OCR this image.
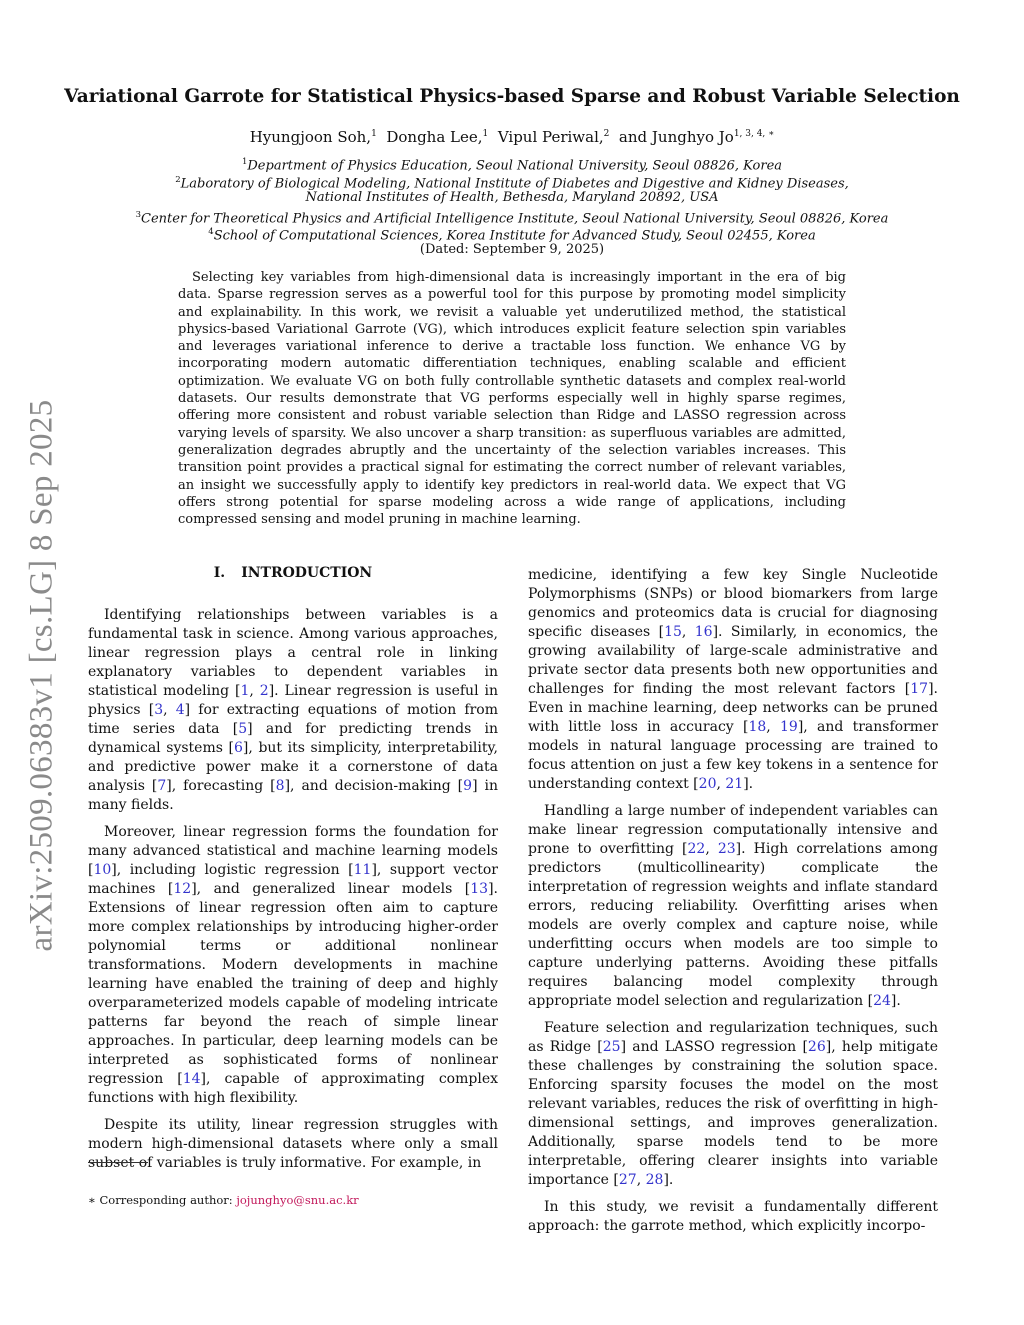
arXiv:2509.06383v1 [cs.LG] 8 Sep 2025
Variational Garrote for Statistical Physics-based Sparse and Robust Variable Selection
Hyungjoon Soh,$^1$ Dongha Lee,$^1$ Vipul Periwal,$^2$ and Junghyo $Jo^{1, 3, 4, ∗}$
$^1$Department of Physics Education, Seoul National University, Seoul 08826, Korea
$^2$Laboratory of Biological Modeling, National Institute of Diabetes and Digestive and Kidney Diseases,
National Institutes of Health, Bethesda, Maryland 20892, USA
$^3$Center for Theoretical Physics and Artificial Intelligence Institute, Seoul National University, Seoul 08826, Korea
$^4$School of Computational Sciences, Korea Institute for Advanced Study, Seoul 02455, Korea
(Dated: September 9, 2025)

Selecting key variables from high-dimensional data is increasingly important in the era of big data. Sparse regression serves as a powerful tool for this purpose by promoting model simplicity and explainability. In this work, we revisit a valuable yet underutilized method, the statistical physics-based Variational Garrote (VG), which introduces explicit feature selection spin variables and leverages variational inference to derive a tractable loss function. We enhance VG by incorporating modern automatic differentiation techniques, enabling scalable and efficient optimization. We evaluate VG on both fully controllable synthetic datasets and complex real-world datasets. Our results demonstrate that VG performs especially well in highly sparse regimes, offering more consistent and robust variable selection than Ridge and LASSO regression across varying levels of sparsity. We also uncover a sharp transition: as superfluous variables are admitted, generalization degrades abruptly and the uncertainty of the selection variables increases. This transition point provides a practical signal for estimating the correct number of relevant variables, an insight we successfully apply to identify key predictors in real-world data. We expect that VG offers strong potential for sparse modeling across a wide range of applications, including compressed sensing and model pruning in machine learning.

I. INTRODUCTION

Identifying relationships between variables is a fundamental task in science. Among various approaches, linear regression plays a central role in linking explanatory variables to dependent variables in statistical modeling [1, 2]. Linear regression is useful in physics [3, 4] for extracting equations of motion from time series data [5] and for predicting trends in dynamical systems [6], but its simplicity, interpretability, and predictive power make it a cornerstone of data analysis [7], forecasting [8], and decision-making [9] in many fields.

Moreover, linear regression forms the foundation for many advanced statistical and machine learning models [10], including logistic regression [11], support vector machines [12], and generalized linear models [13]. Extensions of linear regression often aim to capture more complex relationships by introducing higher-order polynomial terms or additional nonlinear transformations. Modern developments in machine learning have enabled the training of deep and highly overparameterized models capable of modeling intricate patterns far beyond the reach of simple linear approaches. In particular, deep learning models can be interpreted as sophisticated forms of nonlinear regression [14], capable of approximating complex functions with high flexibility.

Despite its utility, linear regression struggles with modern high-dimensional datasets where only a small subset of variables is truly informative. For example, in

medicine, identifying a few key Single Nucleotide Polymorphisms (SNPs) or blood biomarkers from large genomics and proteomics data is crucial for diagnosing specific diseases [15, 16]. Similarly, in economics, the growing availability of large-scale administrative and private sector data presents both new opportunities and challenges for finding the most relevant factors [17]. Even in machine learning, deep networks can be pruned with little loss in accuracy [18, 19], and transformer models in natural language processing are trained to focus attention on just a few key tokens in a sentence for understanding context [20, 21].

Handling a large number of independent variables can make linear regression computationally intensive and prone to overfitting [22, 23]. High correlations among predictors (multicollinearity) complicate the interpretation of regression weights and inflate standard errors, reducing reliability. Overfitting arises when models are overly complex and capture noise, while underfitting occurs when models are too simple to capture underlying patterns. Avoiding these pitfalls requires balancing model complexity through appropriate model selection and regularization [24].

Feature selection and regularization techniques, such as Ridge [25] and LASSO regression [26], help mitigate these challenges by constraining the solution space. Enforcing sparsity focuses the model on the most relevant variables, reduces the risk of overfitting in high-dimensional settings, and improves generalization. Additionally, sparse models tend to be more interpretable, offering clearer insights into variable importance [27, 28].

In this study, we revisit a fundamentally different approach: the garrote method, which explicitly incorpo-

∗ Corresponding author: jojunghyo@snu.ac.kr
